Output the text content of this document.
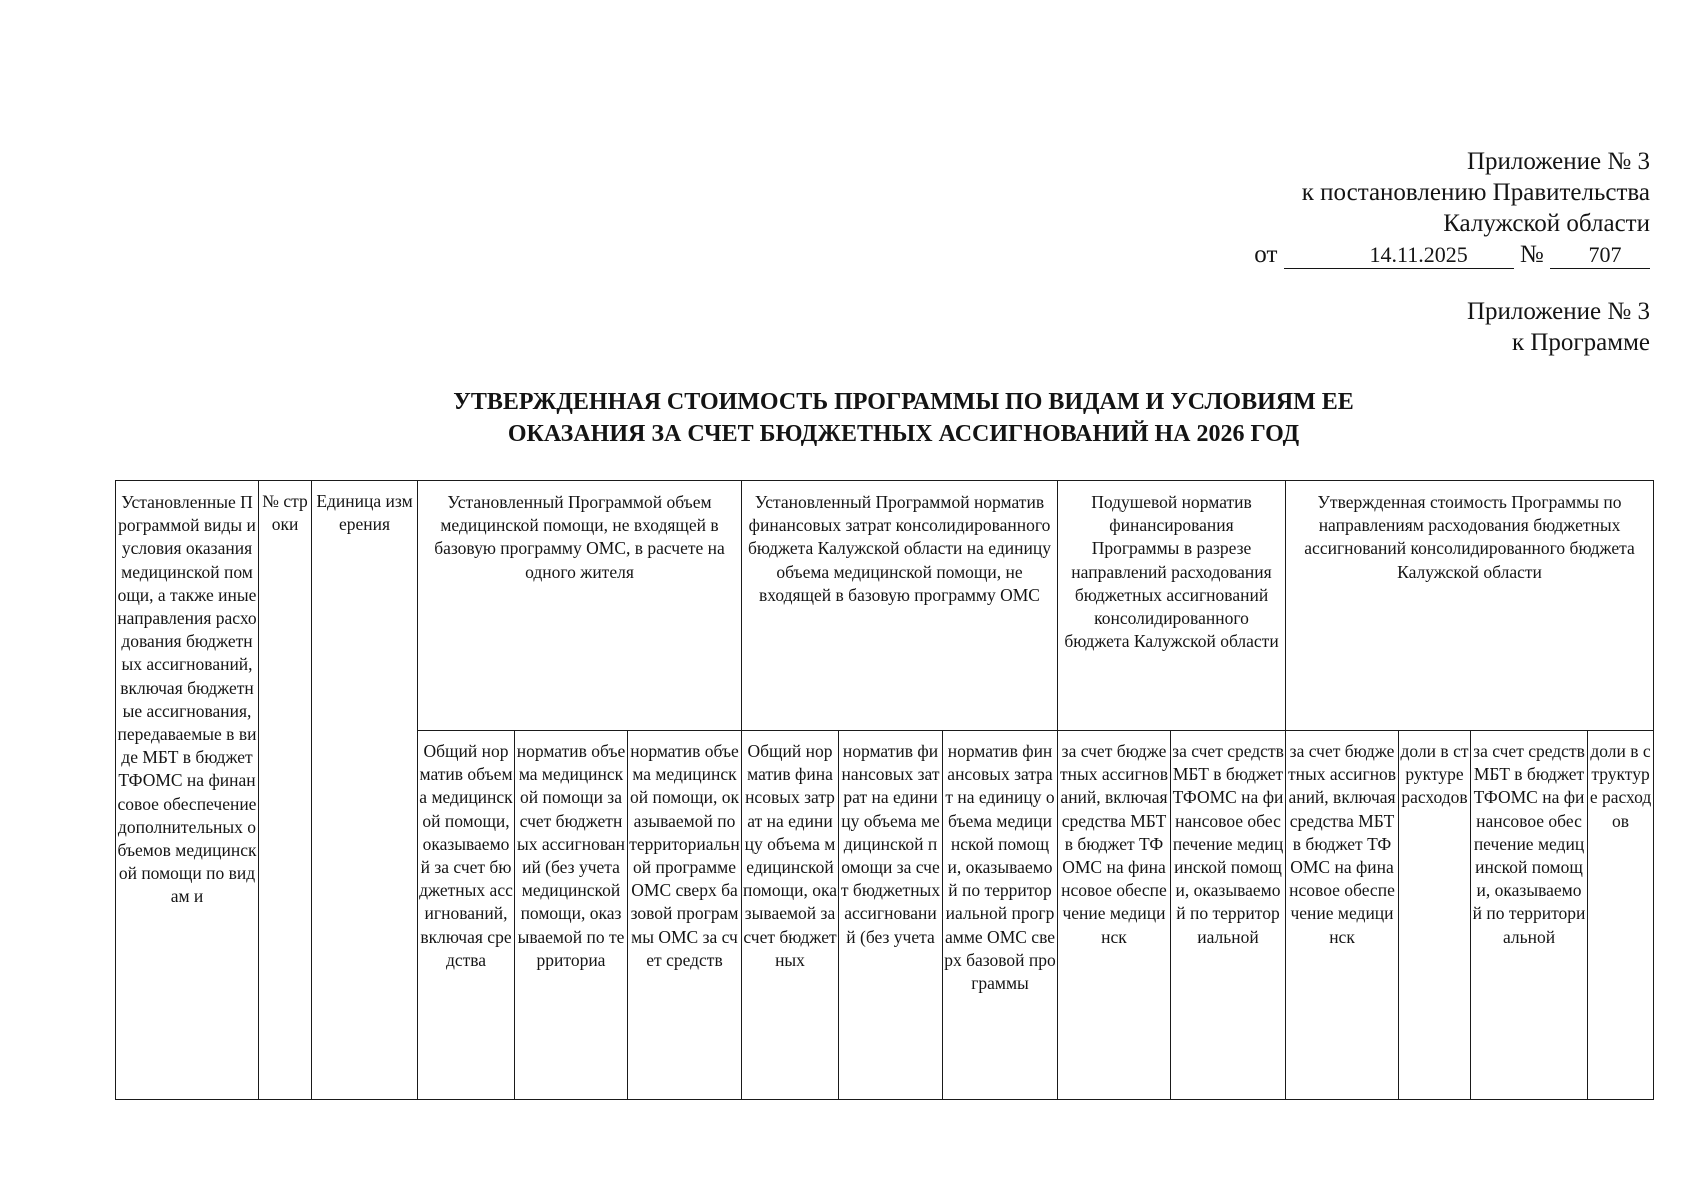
Приложение № 3
к постановлению Правительства
Калужской области
от	14.11.2025 № 707
Приложение № 3
к Программе
УТВЕРЖДЕННАЯ СТОИМОСТЬ ПРОГРАММЫ ПО ВИДАМ И УСЛОВИЯМ ЕЕ
ОКАЗАНИЯ ЗА СЧЕТ БЮДЖЕТНЫХ АССИГНОВАНИЙ НА 2026 ГОД
Установленные Программой виды и условия оказания медицинской помощи, а также иные направления расходования бюджетных ассигнований, включая бюджетные ассигнования, передаваемые в виде МБТ в бюджет ТФОМС на финансовое обеспечение дополнительных объемов медицинской помощи по видам и	№ строки	Единица измерения	Установленный Программой объем медицинской помощи, не входящей в базовую программу ОМС, в расчете на одного жителя			Установленный Программой норматив финансовых затрат консолидированного бюджета Калужской области на единицу объема медицинской помощи, не входящей в базовую программу ОМС			Подушевой норматив финансирования Программы в разрезе направлений расходования бюджетных ассигнований консолидированного бюджета Калужской области		Утвержденная стоимость Программы по направлениям расходования бюджетных ассигнований консолидированного бюджета Калужской области			
			Общий норматив объема медицинской помощи, оказываемой за счет бюджетных ассигнований, включая средства	норматив объема медицинской помощи за счет бюджетных ассигнований (без учета медицинской помощи, оказываемой по территориа	норматив объема медицинской помощи, оказываемой по территориальной программе ОМС сверх базовой программы ОМС за счет средств	Общий норматив финансовых затрат на единицу объема медицинской помощи, оказываемой за счет бюджетных	норматив финансовых затрат на единицу объема медицинской помощи за счет бюджетных ассигнований (без учета	норматив финансовых затрат на единицу объема медицинской помощи, оказываемой по территориальной программе ОМС сверх базовой программы	за счет бюджетных ассигнований, включая средства МБТ в бюджет ТФОМС на финансовое обеспечение медицинск	за счет средств МБТ в бюджет ТФОМС на финансовое обеспечение медицинской помощи, оказываемой по территориальной	за счет бюджетных ассигнований, включая средства МБТ в бюджет ТФОМС на финансовое обеспечение медицинск	доли в структуре расходов	за счет средств МБТ в бюджет ТФОМС на финансовое обеспечение медицинской помощи, оказываемой по территориальной	доли в структуре расходов
